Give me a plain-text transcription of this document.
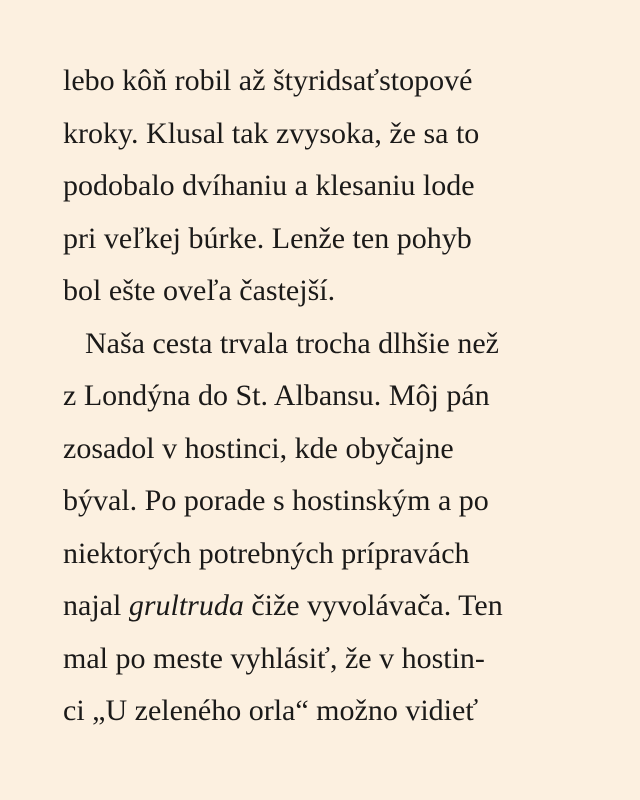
lebo kôň robil až štyridsaťstopové
kroky. Klusal tak zvysoka, že sa to
podobalo dvíhaniu a klesaniu lode
pri veľkej búrke. Lenže ten pohyb
bol ešte oveľa častejší.
Naša cesta trvala trocha dlhšie než
z Londýna do St. Albansu. Môj pán
zosadol v hostinci, kde obyčajne
býval. Po porade s hostinským a po
niektorých potrebných prípravách
najal grultruda čiže vyvolávača. Ten
mal po meste vyhlásiť, že v hostin-
ci „U zeleného orla“ možno vidieť
